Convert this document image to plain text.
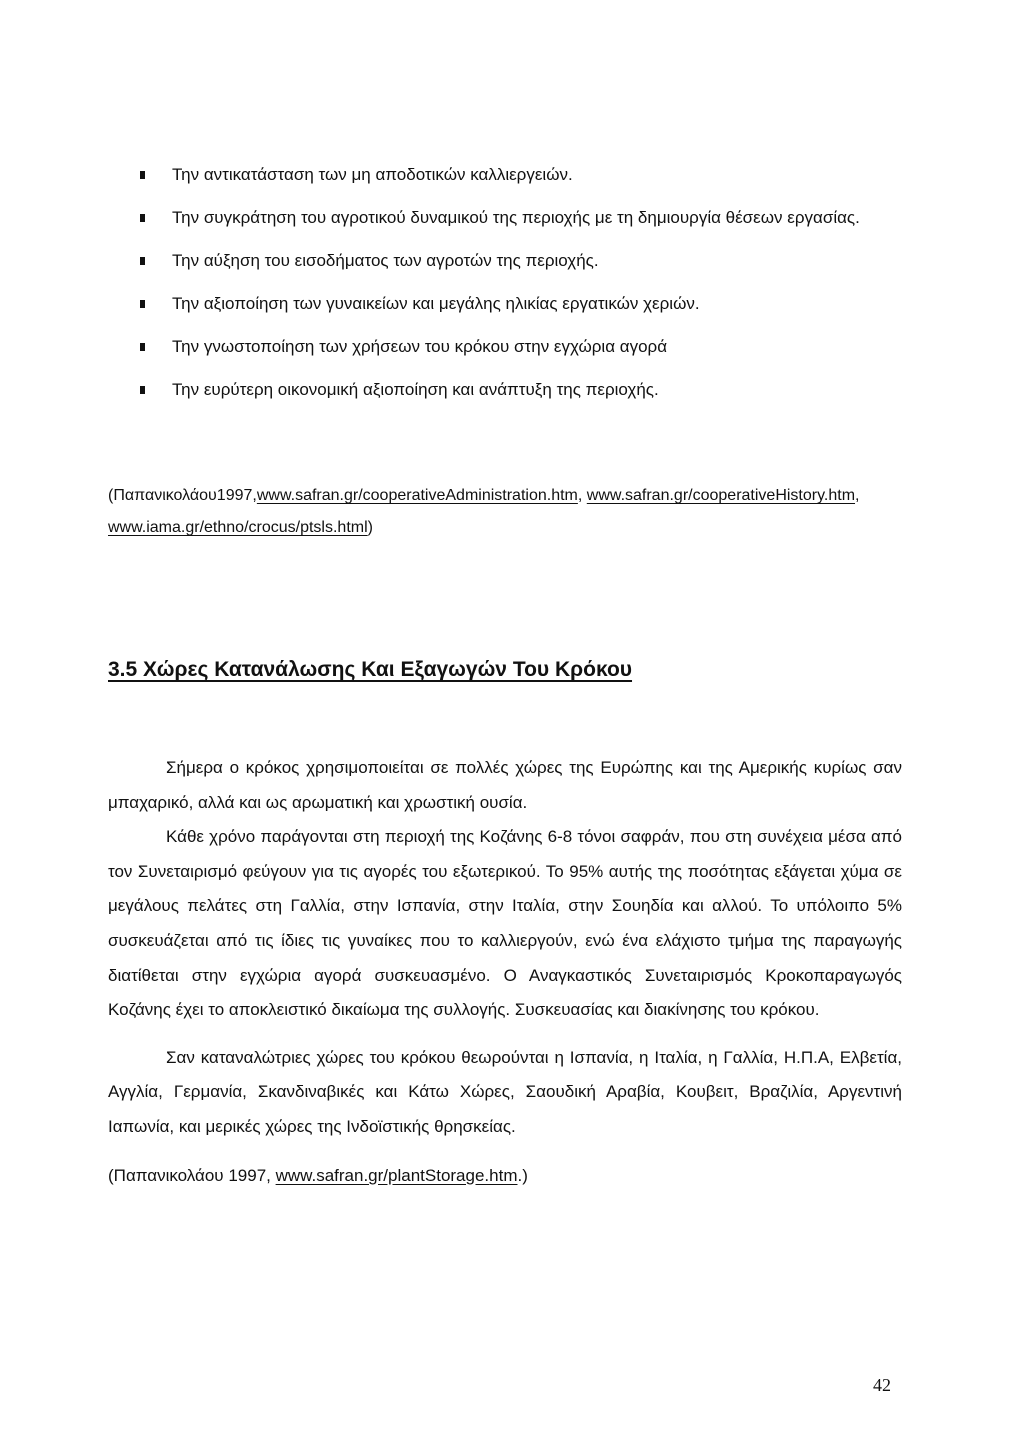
Την αντικατάσταση των μη αποδοτικών καλλιεργειών.
Την συγκράτηση του αγροτικού δυναμικού της περιοχής με τη δημιουργία θέσεων εργασίας.
Την αύξηση του εισοδήματος των αγροτών της περιοχής.
Την αξιοποίηση των γυναικείων και μεγάλης ηλικίας εργατικών χεριών.
Την γνωστοποίηση των χρήσεων του κρόκου στην εγχώρια αγορά
Την ευρύτερη οικονομική αξιοποίηση και ανάπτυξη της περιοχής.
(Παπανικολάου1997,www.safran.gr/cooperativeAdministration.htm, www.safran.gr/cooperativeHistory.htm, www.iama.gr/ethno/crocus/ptsls.html)
3.5 Χώρες Κατανάλωσης Και Εξαγωγών Του Κρόκου

Σήμερα ο κρόκος χρησιμοποιείται σε πολλές χώρες της Ευρώπης και της Αμερικής κυρίως σαν μπαχαρικό, αλλά και ως αρωματική και χρωστική ουσία.

Κάθε χρόνο παράγονται στη περιοχή της Κοζάνης 6-8 τόνοι σαφράν, που στη συνέχεια μέσα από τον Συνεταιρισμό φεύγουν για τις αγορές του εξωτερικού. Το 95% αυτής της ποσότητας εξάγεται χύμα σε μεγάλους πελάτες στη Γαλλία, στην Ισπανία, στην Ιταλία, στην Σουηδία και αλλού. Το υπόλοιπο 5% συσκευάζεται από τις ίδιες τις γυναίκες που το καλλιεργούν, ενώ ένα ελάχιστο τμήμα της παραγωγής διατίθεται στην εγχώρια αγορά συσκευασμένο. Ο Αναγκαστικός Συνεταιρισμός Κροκοπαραγωγός Κοζάνης έχει το αποκλειστικό δικαίωμα της συλλογής. Συσκευασίας και διακίνησης του κρόκου.

Σαν καταναλώτριες χώρες του κρόκου θεωρούνται η Ισπανία, η Ιταλία, η Γαλλία, Η.Π.Α, Ελβετία, Αγγλία, Γερμανία, Σκανδιναβικές και Κάτω Χώρες, Σαουδική Αραβία, Κουβειτ, Βραζιλία, Αργεντινή Ιαπωνία, και μερικές χώρες της Ινδοϊστικής θρησκείας.

(Παπανικολάου 1997, www.safran.gr/plantStorage.htm.)

42
